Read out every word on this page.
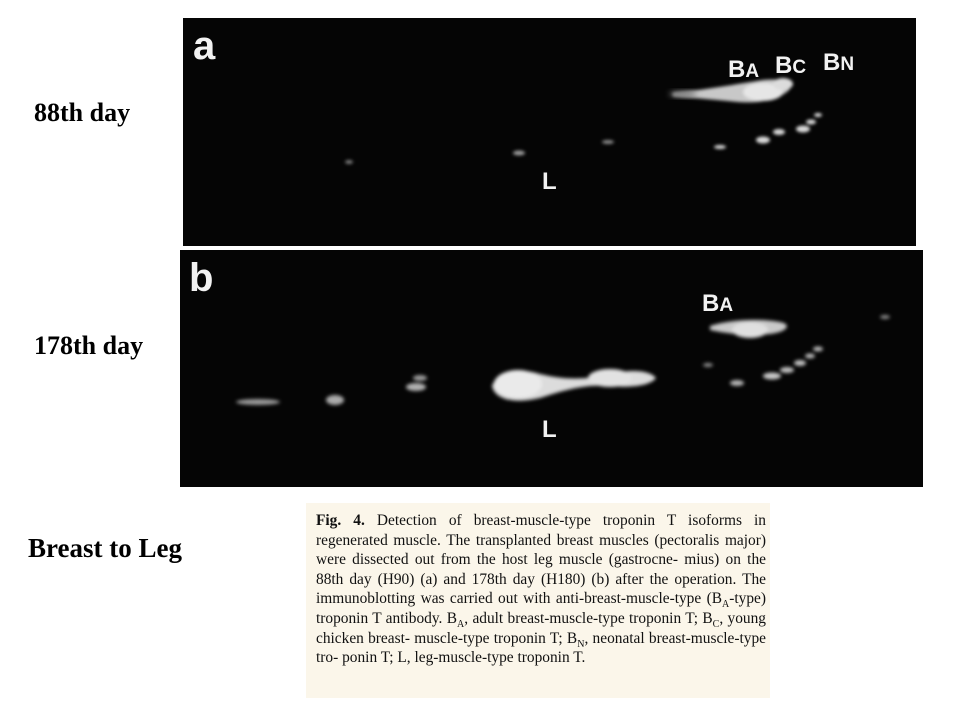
88th day
178th day
Breast to Leg
a
BA BC BN
L
b
BA
L
Fig. 4. Detection of breast-muscle-type troponin T isoforms in regenerated muscle. The transplanted breast muscles (pectoralis major) were dissected out from the host leg muscle (gastrocne- mius) on the 88th day (H90) (a) and 178th day (H180) (b) after the operation. The immunoblotting was carried out with anti-breast-muscle-type $(B_A-type)$ troponin T antibody. $B_A$, adult breast-muscle-type troponin T; $B_C$, young chicken breast- muscle-type troponin T; $B_N$, neonatal breast-muscle-type tro- ponin T; L, leg-muscle-type troponin T.
